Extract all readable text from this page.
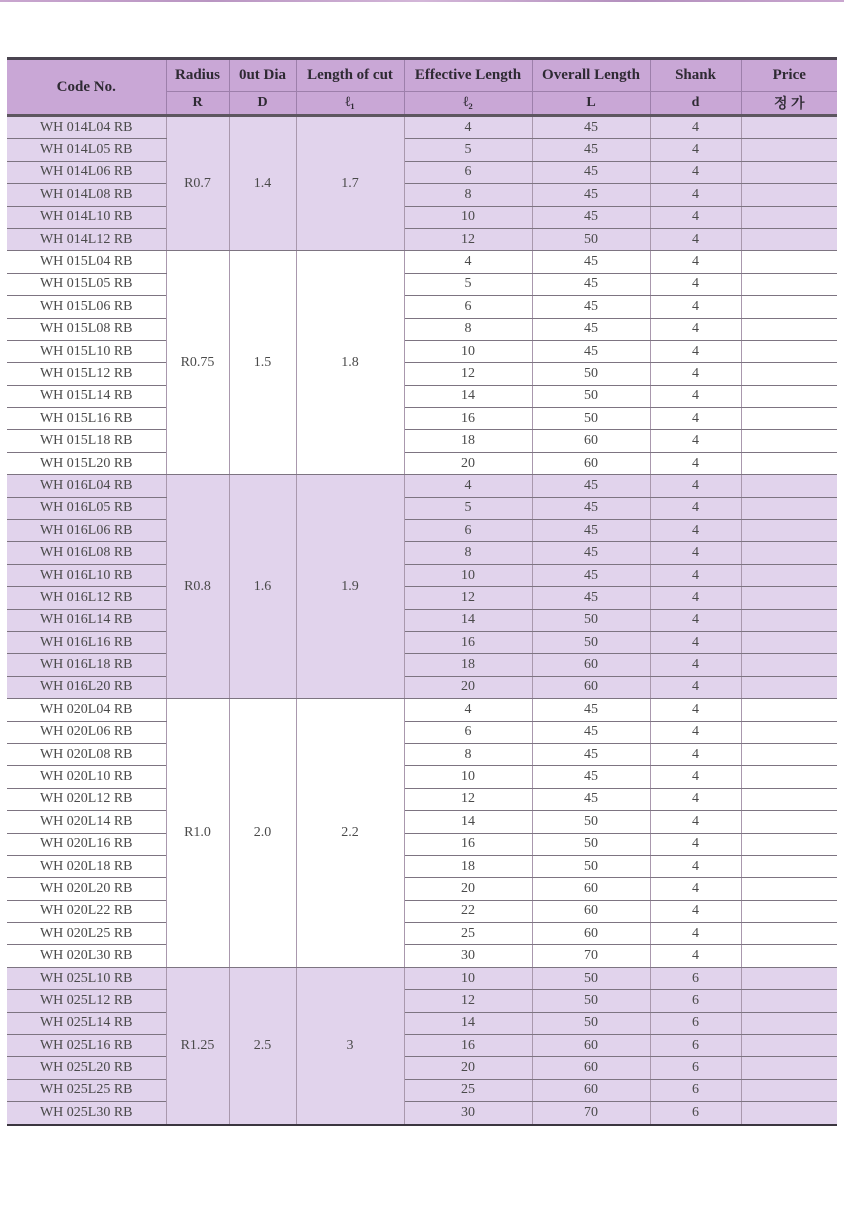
Code No.	Radius	0ut Dia	Length of cut	Effective Length	Overall Length	Shank	Price
	R	D	ℓ₁	ℓ₂	L	d	정 가
WH 014L04 RB	R0.7	1.4	1.7	4	45	4	
WH 014L05 RB				5	45	4	
WH 014L06 RB				6	45	4	
WH 014L08 RB				8	45	4	
WH 014L10 RB				10	45	4	
WH 014L12 RB				12	50	4	
WH 015L04 RB	R0.75	1.5	1.8	4	45	4	
WH 015L05 RB				5	45	4	
WH 015L06 RB				6	45	4	
WH 015L08 RB				8	45	4	
WH 015L10 RB				10	45	4	
WH 015L12 RB				12	50	4	
WH 015L14 RB				14	50	4	
WH 015L16 RB				16	50	4	
WH 015L18 RB				18	60	4	
WH 015L20 RB				20	60	4	
WH 016L04 RB	R0.8	1.6	1.9	4	45	4	
WH 016L05 RB				5	45	4	
WH 016L06 RB				6	45	4	
WH 016L08 RB				8	45	4	
WH 016L10 RB				10	45	4	
WH 016L12 RB				12	45	4	
WH 016L14 RB				14	50	4	
WH 016L16 RB				16	50	4	
WH 016L18 RB				18	60	4	
WH 016L20 RB				20	60	4	
WH 020L04 RB	R1.0	2.0	2.2	4	45	4	
WH 020L06 RB				6	45	4	
WH 020L08 RB				8	45	4	
WH 020L10 RB				10	45	4	
WH 020L12 RB				12	45	4	
WH 020L14 RB				14	50	4	
WH 020L16 RB				16	50	4	
WH 020L18 RB				18	50	4	
WH 020L20 RB				20	60	4	
WH 020L22 RB				22	60	4	
WH 020L25 RB				25	60	4	
WH 020L30 RB				30	70	4	
WH 025L10 RB	R1.25	2.5	3	10	50	6	
WH 025L12 RB				12	50	6	
WH 025L14 RB				14	50	6	
WH 025L16 RB				16	60	6	
WH 025L20 RB				20	60	6	
WH 025L25 RB				25	60	6	
WH 025L30 RB				30	70	6	
